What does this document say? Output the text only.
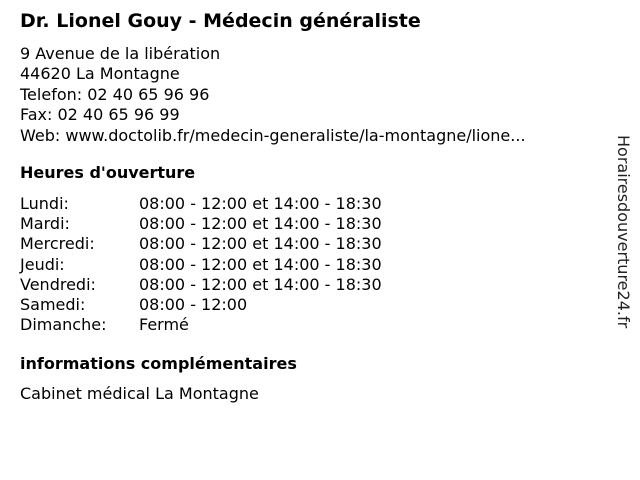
Dr. Lionel Gouy - Médecin généraliste
9 Avenue de la libération
44620 La Montagne
Telefon: 02 40 65 96 96
Fax: 02 40 65 96 99
Web: www.doctolib.fr/medecin-generaliste/la-montagne/lione...
Heures d'ouverture
Lundi:	08:00 - 12:00 et 14:00 - 18:30
Mardi:	08:00 - 12:00 et 14:00 - 18:30
Mercredi:	08:00 - 12:00 et 14:00 - 18:30
Jeudi:	08:00 - 12:00 et 14:00 - 18:30
Vendredi:	08:00 - 12:00 et 14:00 - 18:30
Samedi:	08:00 - 12:00
Dimanche: Fermé
informations complémentaires
Cabinet médical La Montagne
Horairesdouverture24.fr
